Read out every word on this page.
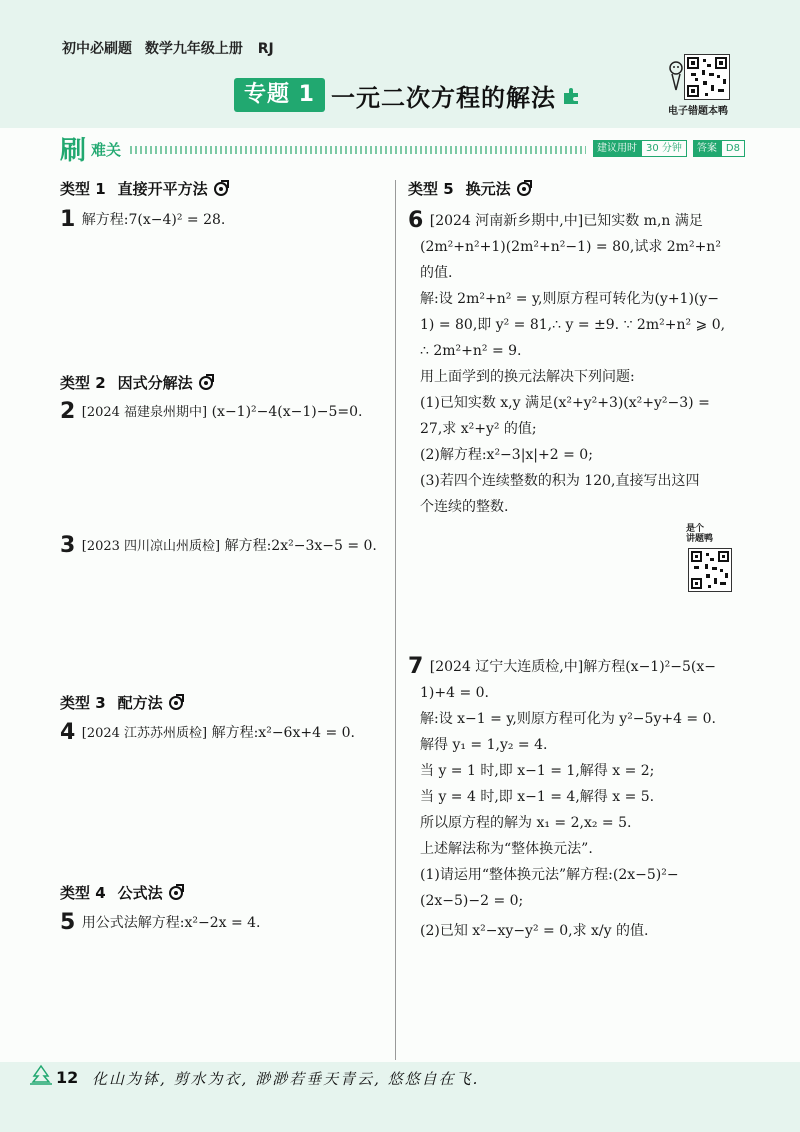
初中必刷题 数学九年级上册 RJ
专题 1 一元二次方程的解法	电子错题本鸭
刷 难关	建议用时 30 分钟	答案 D8
类型 1 直接开平方法
1 解方程:7(x−4)² = 28.
类型 2 因式分解法
2 [2024 福建泉州期中] (x−1)²−4(x−1)−5=0.
3 [2023 四川凉山州质检] 解方程:2x²−3x−5 = 0.
类型 3 配方法
4 [2024 江苏苏州质检] 解方程:x²−6x+4 = 0.
类型 4 公式法
5 用公式法解方程:x²−2x = 4.
类型 5 换元法
6 [2024 河南新乡期中,中]已知实数 m,n 满足
(2m²+n²+1)(2m²+n²−1) = 80,试求 2m²+n²
的值.
解:设 2m²+n² = y,则原方程可转化为(y+1)(y−
1) = 80,即 y² = 81,∴ y = ±9. ∵ 2m²+n² ⩾ 0,
∴ 2m²+n² = 9.
用上面学到的换元法解决下列问题:
(1)已知实数 x,y 满足(x²+y²+3)(x²+y²−3) =
27,求 x²+y² 的值;
(2)解方程:x²−3|x|+2 = 0;
(3)若四个连续整数的积为 120,直接写出这四
个连续的整数.
是个
讲题鸭
7 [2024 辽宁大连质检,中]解方程(x−1)²−5(x−
1)+4 = 0.
解:设 x−1 = y,则原方程可化为 y²−5y+4 = 0.
解得 y₁ = 1,y₂ = 4.
当 y = 1 时,即 x−1 = 1,解得 x = 2;
当 y = 4 时,即 x−1 = 4,解得 x = 5.
所以原方程的解为 x₁ = 2,x₂ = 5.
上述解法称为“整体换元法”.
(1)请运用“整体换元法”解方程:(2x−5)²−
(2x−5)−2 = 0;
(2)已知 x²−xy−y² = 0,求 x/y 的值.
12 化山为钵, 剪水为衣, 渺渺若垂天青云, 悠悠自在飞.
